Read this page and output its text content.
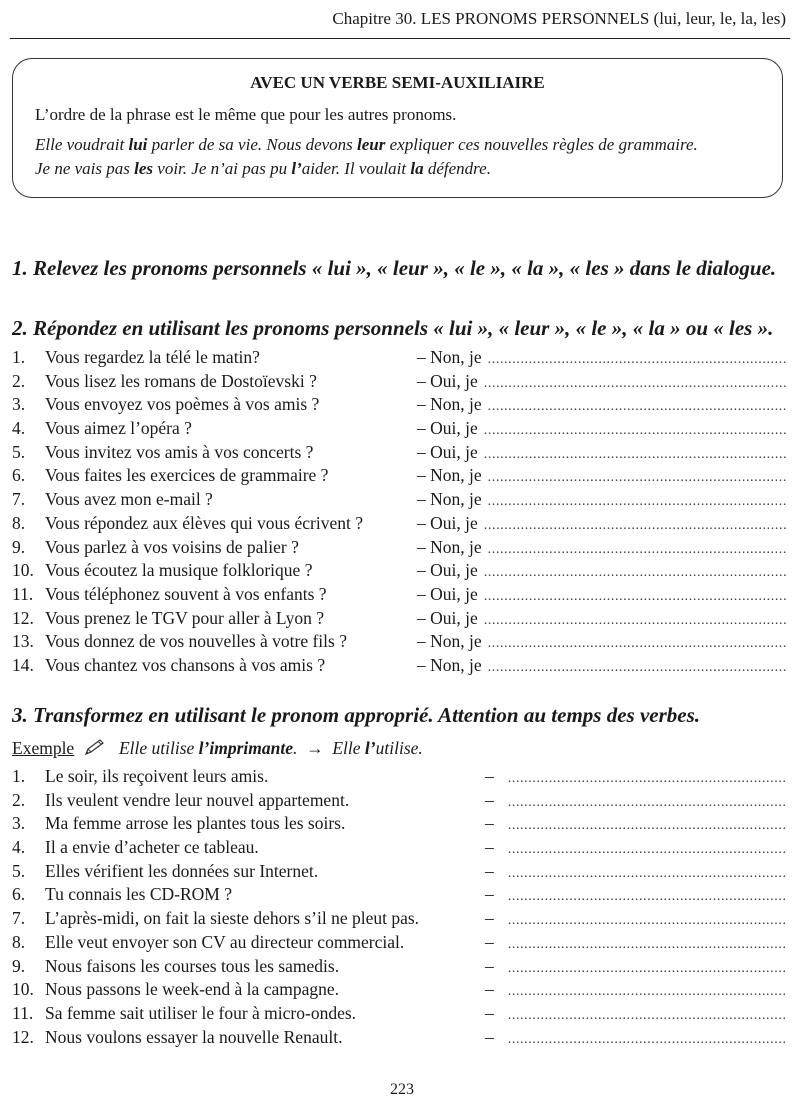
Chapitre 30. LES PRONOMS PERSONNELS (lui, leur, le, la, les)
AVEC UN VERBE SEMI-AUXILIAIRE
L’ordre de la phrase est le même que pour les autres pronoms.
Elle voudrait lui parler de sa vie. Nous devons leur expliquer ces nouvelles règles de grammaire.
Je ne vais pas les voir. Je n’ai pas pu l’aider. Il voulait la défendre.
1. Relevez les pronoms personnels « lui », « leur », « le », « la », « les » dans le dialogue.
2. Répondez en utilisant les pronoms personnels « lui », « leur », « le », « la » ou « les ».
1.	Vous regardez la télé le matin?	– Non, je
.....
2.	Vous lisez les romans de Dostoïevski ?	– Oui, je
.....
3.	Vous envoyez vos poèmes à vos amis ?	– Non, je
.....
4.	Vous aimez l’opéra ?	– Oui, je
.....
5.	Vous invitez vos amis à vos concerts ?	– Oui, je
.....
6.	Vous faites les exercices de grammaire ?	– Non, je
.....
7.	Vous avez mon e-mail ?	– Non, je
.....
8.	Vous répondez aux élèves qui vous écrivent ?	– Oui, je
.....
9.	Vous parlez à vos voisins de palier ?	– Non, je
.....
10. Vous écoutez la musique folklorique ?	– Oui, je
.....
11. Vous téléphonez souvent à vos enfants ?	– Oui, je
.....
12. Vous prenez le TGV pour aller à Lyon ?	– Oui, je
.....
13. Vous donnez de vos nouvelles à votre fils ?	– Non, je
.....
14. Vous chantez vos chansons à vos amis ?	– Non, je
.....
3. Transformez en utilisant le pronom approprié. Attention au temps des verbes.
Exemple	Elle utilise l’imprimante. → Elle l’utilise.
1.	Le soir, ils reçoivent leurs amis.	–
.....
2.	Ils veulent vendre leur nouvel appartement.	–
.....
3.	Ma femme arrose les plantes tous les soirs.	–
.....
4.	Il a envie d’acheter ce tableau.	–
.....
5.	Elles vérifient les données sur Internet.	–
.....
6.	Tu connais les CD-ROM ?	–
.....
7.	L’après-midi, on fait la sieste dehors s’il ne pleut pas.	–
.....
8.	Elle veut envoyer son CV au directeur commercial.	–
.....
9.	Nous faisons les courses tous les samedis.	–
.....
10. Nous passons le week-end à la campagne.	–
.....
11. Sa femme sait utiliser le four à micro-ondes.	–
.....
12. Nous voulons essayer la nouvelle Renault.	–
.....
223
